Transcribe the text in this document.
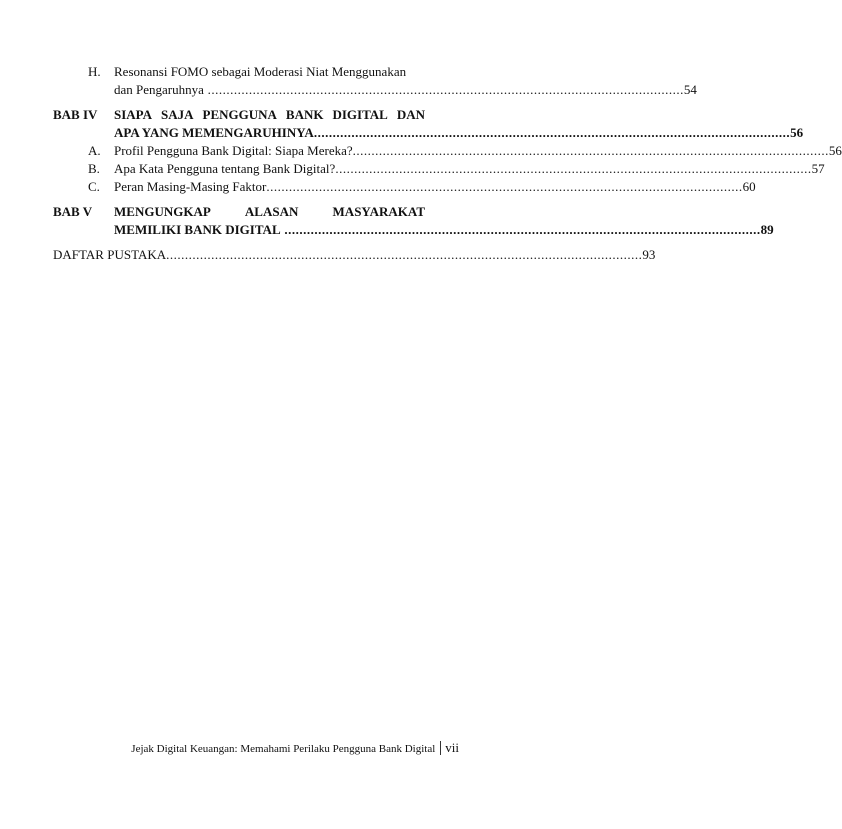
H. Resonansi FOMO sebagai Moderasi Niat Menggunakan
dan Pengaruhnya ............................................................................................................................... 54
BAB IV SIAPA SAJA PENGGUNA BANK DIGITAL DAN
APA YANG MEMENGARUHINYA ............................................................................................................................... 56
A. Profil Pengguna Bank Digital: Siapa Mereka? ............................................................................................................................... 56
B. Apa Kata Pengguna tentang Bank Digital? ............................................................................................................................... 57
C. Peran Masing-Masing Faktor ............................................................................................................................... 60
BAB V MENGUNGKAP	ALASAN	MASYARAKAT
MEMILIKI BANK DIGITAL ............................................................................................................................... 89
DAFTAR PUSTAKA ............................................................................................................................... 93
Jejak Digital Keuangan: Memahami Perilaku Pengguna Bank Digital vii
